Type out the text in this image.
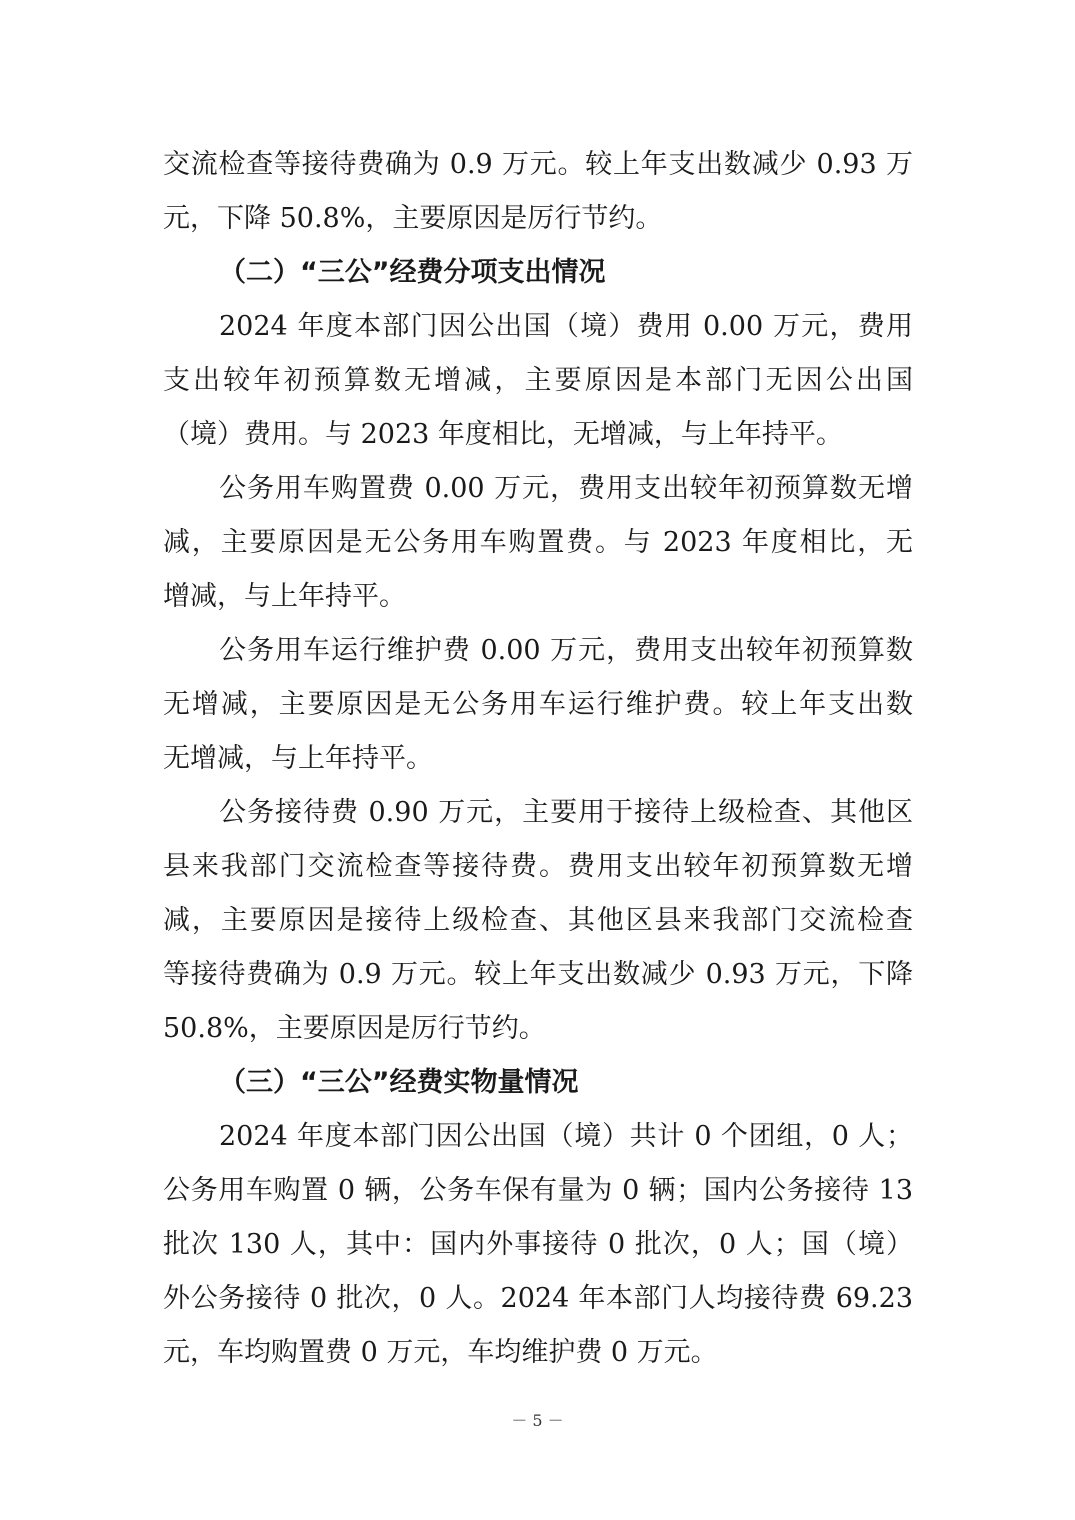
交流检查等接待费确为 0.9 万元。较上年支出数减少 0.93 万
元，下降 50.8%，主要原因是厉行节约。
（二）“三公”经费分项支出情况
2024 年度本部门因公出国（境）费用 0.00 万元，费用
支出较年初预算数无增减，主要原因是本部门无因公出国
（境）费用。与 2023 年度相比，无增减，与上年持平。
公务用车购置费 0.00 万元，费用支出较年初预算数无增
减，主要原因是无公务用车购置费。与 2023 年度相比，无
增减，与上年持平。
公务用车运行维护费 0.00 万元，费用支出较年初预算数
无增减，主要原因是无公务用车运行维护费。较上年支出数
无增减，与上年持平。
公务接待费 0.90 万元，主要用于接待上级检查、其他区
县来我部门交流检查等接待费。费用支出较年初预算数无增
减，主要原因是接待上级检查、其他区县来我部门交流检查
等接待费确为 0.9 万元。较上年支出数减少 0.93 万元，下降
50.8%，主要原因是厉行节约。
（三）“三公”经费实物量情况
2024 年度本部门因公出国（境）共计 0 个团组，0 人；
公务用车购置 0 辆，公务车保有量为 0 辆；国内公务接待 13
批次 130 人，其中：国内外事接待 0 批次，0 人；国（境）
外公务接待 0 批次，0 人。2024 年本部门人均接待费 69.23
元，车均购置费 0 万元，车均维护费 0 万元。
－ 5 －
